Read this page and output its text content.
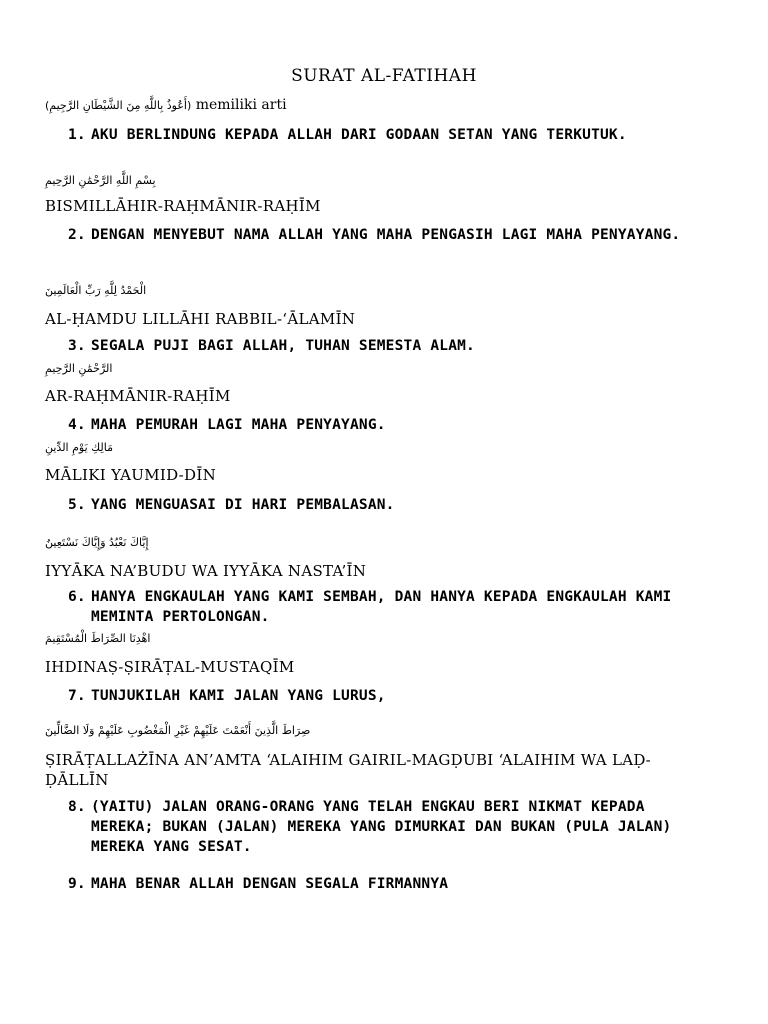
SURAT AL-FATIHAH
(أَعُوذُ بِاللَّهِ مِنَ الشَّيْطَانِ الرَّجِيمِ) memiliki arti
1. AKU BERLINDUNG KEPADA ALLAH DARI GODAAN SETAN YANG TERKUTUK.
بِسْمِ اللَّهِ الرَّحْمَٰنِ الرَّحِيمِ
BISMILLĀHIR-RAḤMĀNIR-RAḤĪM
2. DENGAN MENYEBUT NAMA ALLAH YANG MAHA PENGASIH LAGI MAHA PENYAYANG.
الْحَمْدُ لِلَّهِ رَبِّ الْعَالَمِينَ
AL-ḤAMDU LILLĀHI RABBIL-‘ĀLAMĪN
3. SEGALA PUJI BAGI ALLAH, TUHAN SEMESTA ALAM.
الرَّحْمَٰنِ الرَّحِيمِ
AR-RAḤMĀNIR-RAḤĪM
4. MAHA PEMURAH LAGI MAHA PENYAYANG.
مَالِكِ يَوْمِ الدِّينِ
MĀLIKI YAUMID-DĪN
5. YANG MENGUASAI DI HARI PEMBALASAN.
إِيَّاكَ نَعْبُدُ وَإِيَّاكَ نَسْتَعِينُ
IYYĀKA NA’BUDU WA IYYĀKA NASTA’ĪN
6. HANYA ENGKAULAH YANG KAMI SEMBAH, DAN HANYA KEPADA ENGKAULAH KAMI MEMINTA PERTOLONGAN.
اهْدِنَا الصِّرَاطَ الْمُسْتَقِيمَ
IHDINAṢ-ṢIRĀṬAL-MUSTAQĪM
7. TUNJUKILAH KAMI JALAN YANG LURUS,
صِرَاطَ الَّذِينَ أَنْعَمْتَ عَلَيْهِمْ غَيْرِ الْمَغْضُوبِ عَلَيْهِمْ وَلَا الضَّالِّينَ
ṢIRĀṬALLAŻĪNA AN’AMTA ‘ALAIHIM GAIRIL-MAGḌUBI ‘ALAIHIM WA LAḌ-ḌĀLLĪN
8. (YAITU) JALAN ORANG-ORANG YANG TELAH ENGKAU BERI NIKMAT KEPADA MEREKA; BUKAN (JALAN) MEREKA YANG DIMURKAI DAN BUKAN (PULA JALAN) MEREKA YANG SESAT.
9. MAHA BENAR ALLAH DENGAN SEGALA FIRMANNYA
